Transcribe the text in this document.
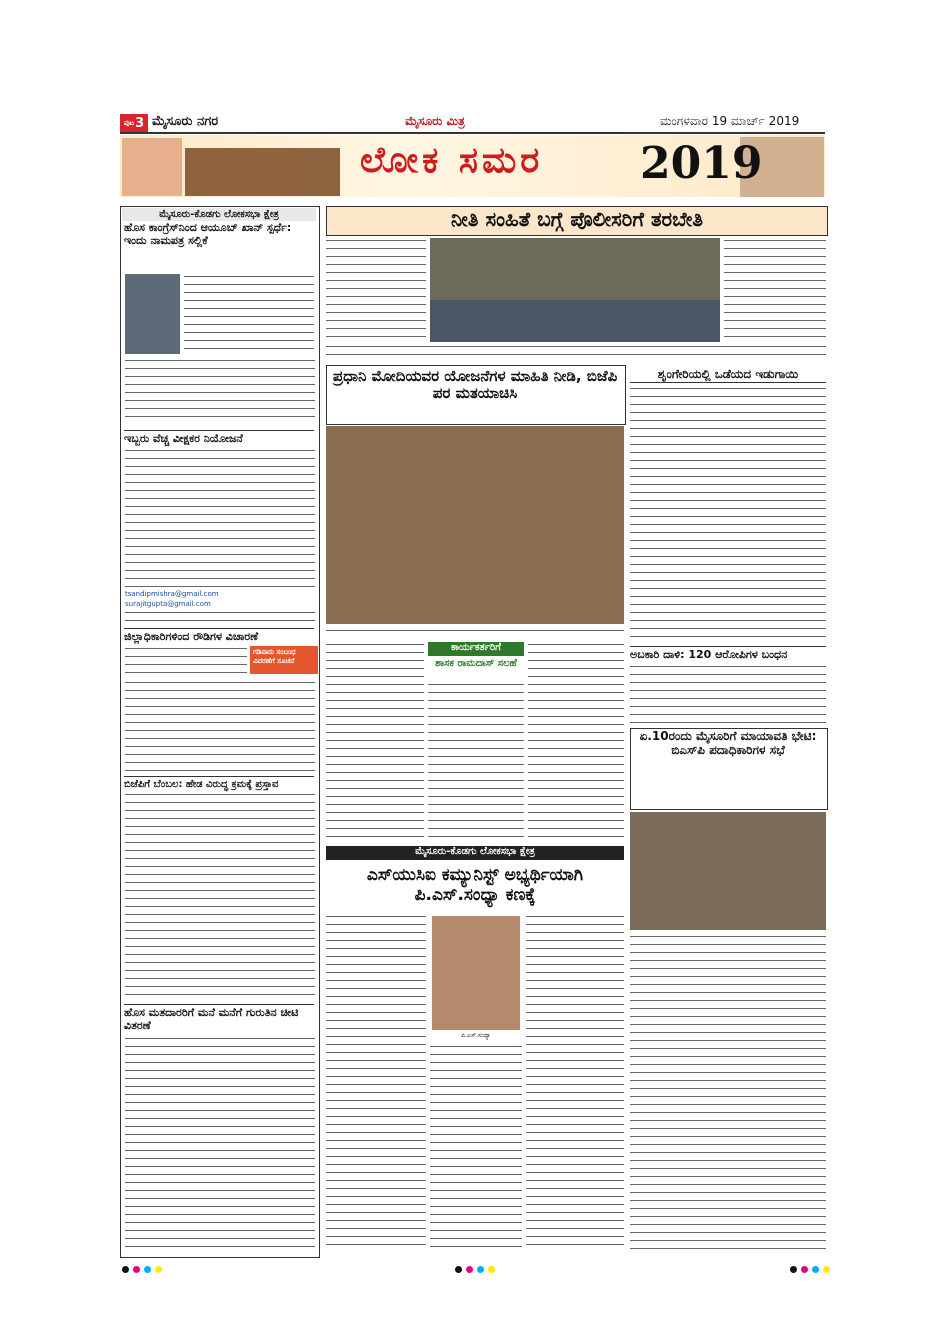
ಪುಟ 3 ಮೈಸೂರು ನಗರ	ಮೈಸೂರು ಮಿತ್ರ	ಮಂಗಳವಾರ 19 ಮಾರ್ಚ್ 2019
ಲೋಕ ಸಮರ 2019
ಮೈಸೂರು-ಕೊಡಗು ಲೋಕಸಭಾ ಕ್ಷೇತ್ರ
ಹೊಸ ಕಾಂಗ್ರೆಸ್‌ನಿಂದ ಆಯೂಬ್ ಖಾನ್ ಸ್ಪರ್ಧೆ: ಇಂದು ನಾಮಪತ್ರ ಸಲ್ಲಿಕೆ
ಇಬ್ಬರು ವೆಚ್ಚ ವೀಕ್ಷಕರ ನಿಯೋಜನೆ
tsandipmishra@gmail.com
surajitgupta@gmail.com
ಜಿಲ್ಲಾಧಿಕಾರಿಗಳಿಂದ ರೌಡಿಗಳ ವಿಚಾರಣೆ
ಗಡಿಪಾರು ಸಂಬಂಧ ವಿವರಣೆಗೆ ಸೂಚನೆ
ಬಿಜೆಪಿಗೆ ಬೆಂಬಲ: ಹೇಡ ವಿರುದ್ಧ ಕ್ರಮಕ್ಕೆ ಪ್ರಸ್ತಾವ
ಹೊಸ ಮತದಾರರಿಗೆ ಮನೆ ಮನೆಗೆ ಗುರುತಿನ ಚೀಟಿ ವಿತರಣೆ
ನೀತಿ ಸಂಹಿತೆ ಬಗ್ಗೆ ಪೊಲೀಸರಿಗೆ ತರಬೇತಿ
ಪ್ರಧಾನಿ ಮೋದಿಯವರ ಯೋಜನೆಗಳ ಮಾಹಿತಿ ನೀಡಿ, ಬಿಜೆಪಿ ಪರ ಮತಯಾಚಿಸಿ
ಕಾರ್ಯಕರ್ತರಿಗೆ
ಶಾಸಕ ರಾಮದಾಸ್ ಸಲಹೆ
ಮೈಸೂರು-ಕೊಡಗು ಲೋಕಸಭಾ ಕ್ಷೇತ್ರ
ಎಸ್‌ಯುಸಿಐ ಕಮ್ಯುನಿಸ್ಟ್ ಅಭ್ಯರ್ಥಿಯಾಗಿ ಪಿ.ಎಸ್.ಸಂಧ್ಯಾ ಕಣಕ್ಕೆ
ಪಿ.ಎಸ್.ಸಂಧ್ಯಾ
ಶೃಂಗೇರಿಯಲ್ಲಿ ಒಡೆಯದ ಇಡುಗಾಯಿ
ಅಬಕಾರಿ ದಾಳಿ: 120 ಆರೋಪಿಗಳ ಬಂಧನ
ಏ.10ರಂದು ಮೈಸೂರಿಗೆ ಮಾಯಾವತಿ ಭೇಟಿ: ಬಿಎಸ್‌ಪಿ ಪದಾಧಿಕಾರಿಗಳ ಸಭೆ
